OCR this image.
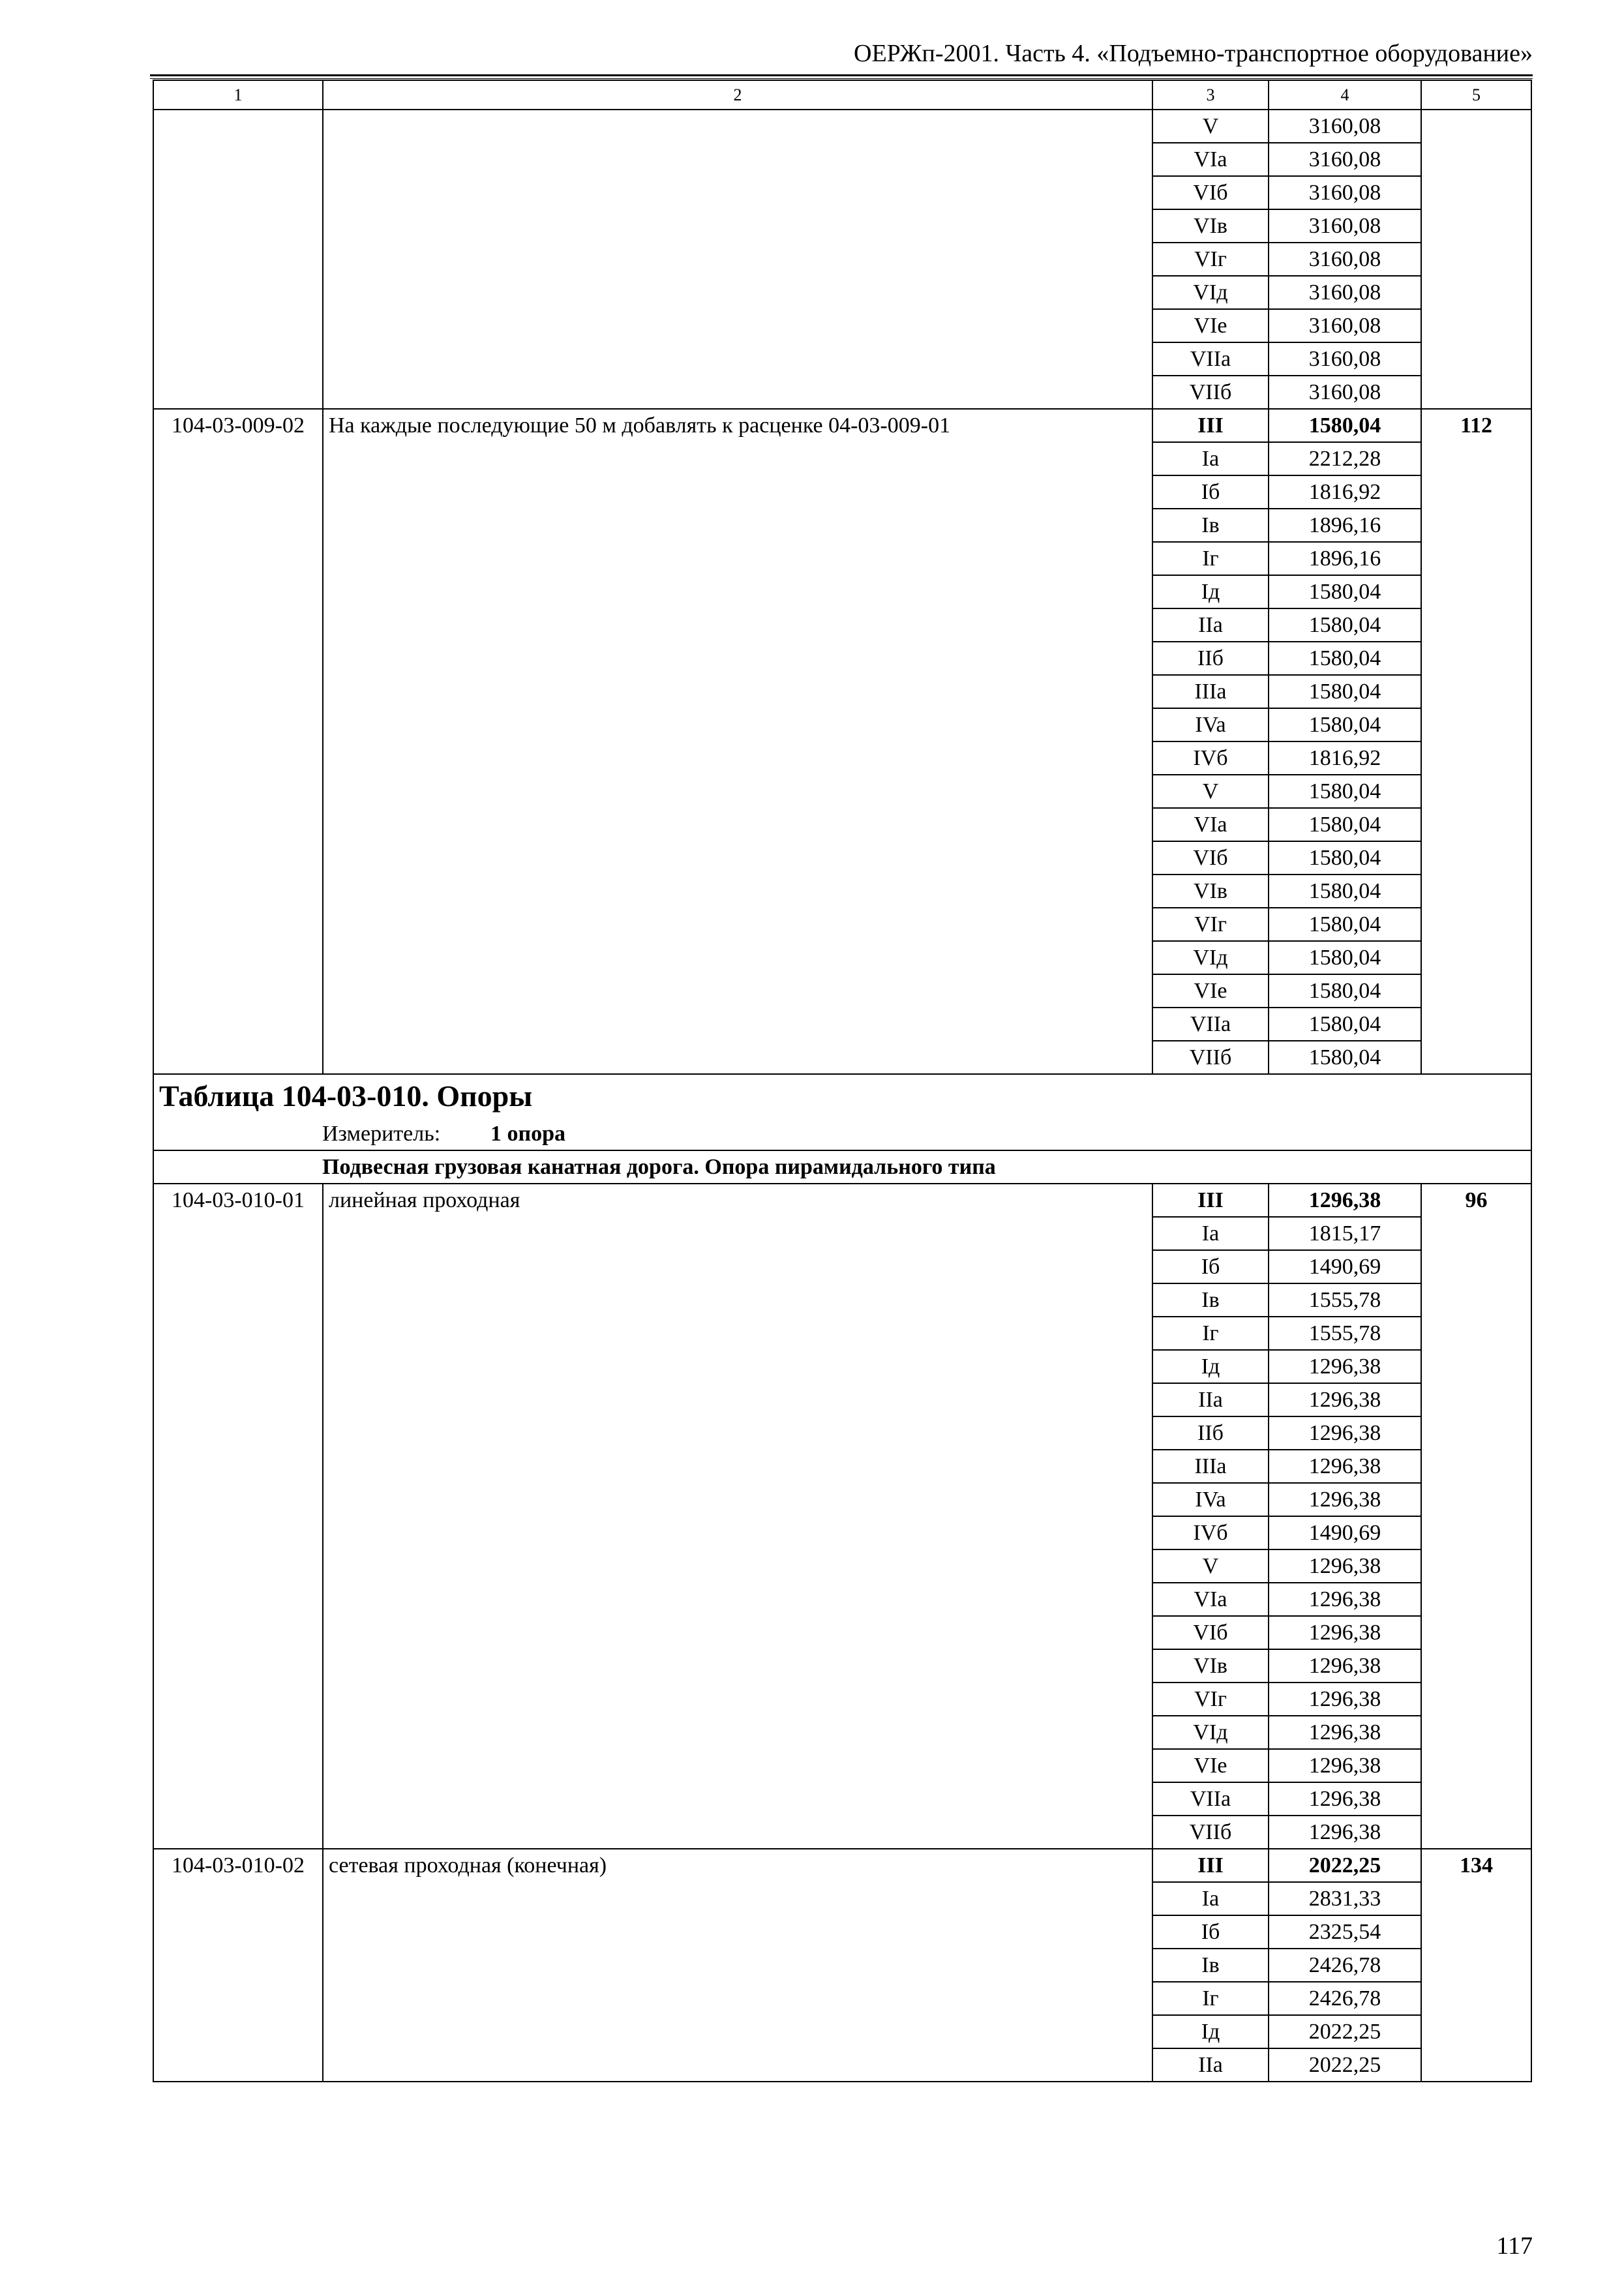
ОЕРЖп-2001. Часть 4. «Подъемно-транспортное оборудование»
1	2	3	4	5
		V	3160,08	
		VIa	3160,08	
		VIб	3160,08	
		VIв	3160,08	
		VIг	3160,08	
		VIд	3160,08	
		VIe	3160,08	
		VIIa	3160,08	
		VIIб	3160,08	
104-03-009-02	На каждые последующие 50 м добавлять к расценке 04-03-009-01	III	1580,04	112
		Ia	2212,28	
		Iб	1816,92	
		Iв	1896,16	
		Iг	1896,16	
		Iд	1580,04	
		IIa	1580,04	
		IIб	1580,04	
		IIIa	1580,04	
		IVa	1580,04	
		IVб	1816,92	
		V	1580,04	
		VIa	1580,04	
		VIб	1580,04	
		VIв	1580,04	
		VIг	1580,04	
		VIд	1580,04	
		VIe	1580,04	
		VIIa	1580,04	
		VIIб	1580,04	
Таблица 104-03-010. Опоры				
Измеритель: 1 опора				
Подвесная грузовая канатная дорога. Опора пирамидального типа				
104-03-010-01	линейная проходная	III	1296,38	96
		Ia	1815,17	
		Iб	1490,69	
		Iв	1555,78	
		Iг	1555,78	
		Iд	1296,38	
		IIa	1296,38	
		IIб	1296,38	
		IIIa	1296,38	
		IVa	1296,38	
		IVб	1490,69	
		V	1296,38	
		VIa	1296,38	
		VIб	1296,38	
		VIв	1296,38	
		VIг	1296,38	
		VIд	1296,38	
		VIe	1296,38	
		VIIa	1296,38	
		VIIб	1296,38	
104-03-010-02	сетевая проходная (конечная)	III	2022,25	134
		Ia	2831,33	
		Iб	2325,54	
		Iв	2426,78	
		Iг	2426,78	
		Iд	2022,25	
		IIa	2022,25	
117
